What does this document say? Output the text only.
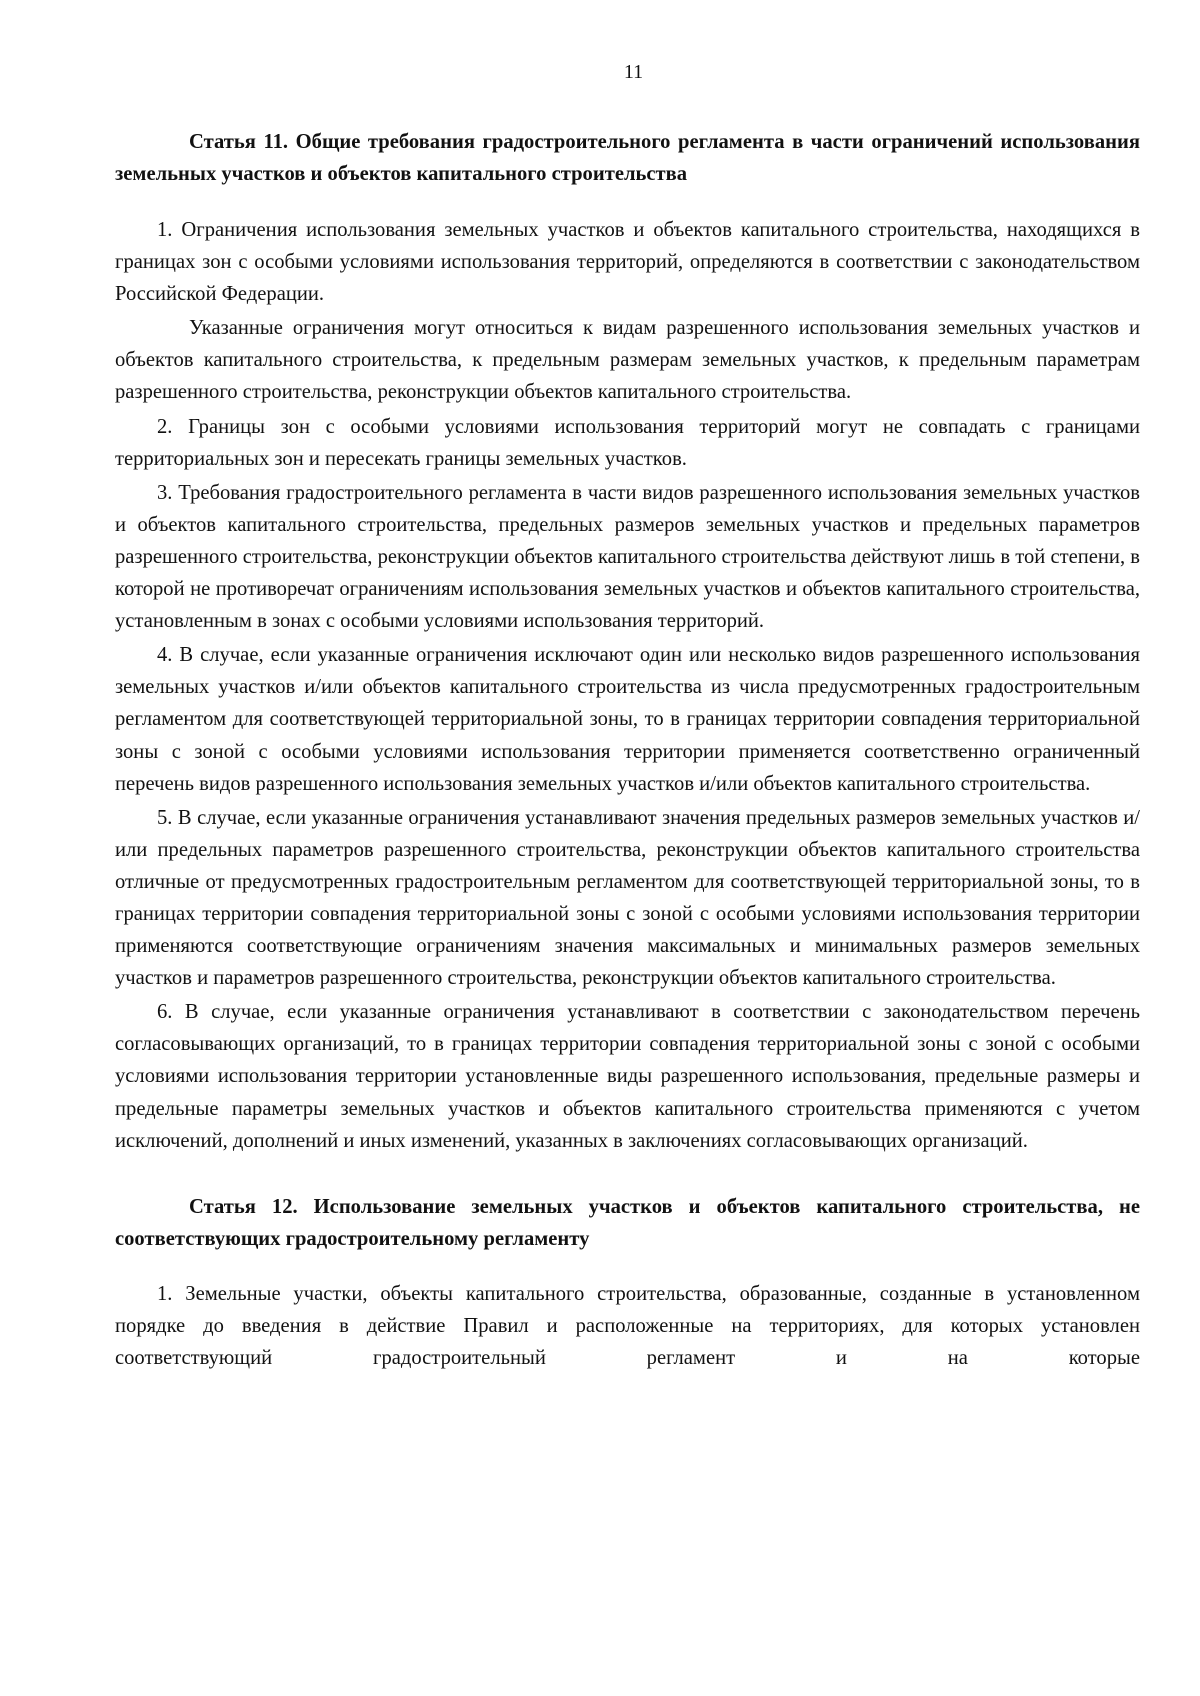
11

Статья 11. Общие требования градостроительного регламента в части ограничений использования земельных участков и объектов капитального строительства

1. Ограничения использования земельных участков и объектов капитального строительства, находящихся в границах зон с особыми условиями использования территорий, определяются в соответствии с законодательством Российской Федерации.

Указанные ограничения могут относиться к видам разрешенного использования земельных участков и объектов капитального строительства, к предельным размерам земельных участков, к предельным параметрам разрешенного строительства, реконструкции объектов капитального строительства.

2. Границы зон с особыми условиями использования территорий могут не совпадать с границами территориальных зон и пересекать границы земельных участков.

3. Требования градостроительного регламента в части видов разрешенного использования земельных участков и объектов капитального строительства, предельных размеров земельных участков и предельных параметров разрешенного строительства, реконструкции объектов капитального строительства действуют лишь в той степени, в которой не противоречат ограничениям использования земельных участков и объектов капитального строительства, установленным в зонах с особыми условиями использования территорий.

4. В случае, если указанные ограничения исключают один или несколько видов разрешенного использования земельных участков и/или объектов капитального строительства из числа предусмотренных градостроительным регламентом для соответствующей территориальной зоны, то в границах территории совпадения территориальной зоны с зоной с особыми условиями использования территории применяется соответственно ограниченный перечень видов разрешенного использования земельных участков и/или объектов капитального строительства.

5. В случае, если указанные ограничения устанавливают значения предельных размеров земельных участков и/или предельных параметров разрешенного строительства, реконструкции объектов капитального строительства отличные от предусмотренных градостроительным регламентом для соответствующей территориальной зоны, то в границах территории совпадения территориальной зоны с зоной с особыми условиями использования территории применяются соответствующие ограничениям значения максимальных и минимальных размеров земельных участков и параметров разрешенного строительства, реконструкции объектов капитального строительства.

6. В случае, если указанные ограничения устанавливают в соответствии с законодательством перечень согласовывающих организаций, то в границах территории совпадения территориальной зоны с зоной с особыми условиями использования территории установленные виды разрешенного использования, предельные размеры и предельные параметры земельных участков и объектов капитального строительства применяются с учетом исключений, дополнений и иных изменений, указанных в заключениях согласовывающих организаций.

Статья 12. Использование земельных участков и объектов капитального строительства, не соответствующих градостроительному регламенту

1. Земельные участки, объекты капитального строительства, образованные, созданные в установленном порядке до введения в действие Правил и расположенные на территориях, для которых установлен соответствующий градостроительный регламент и на которые
